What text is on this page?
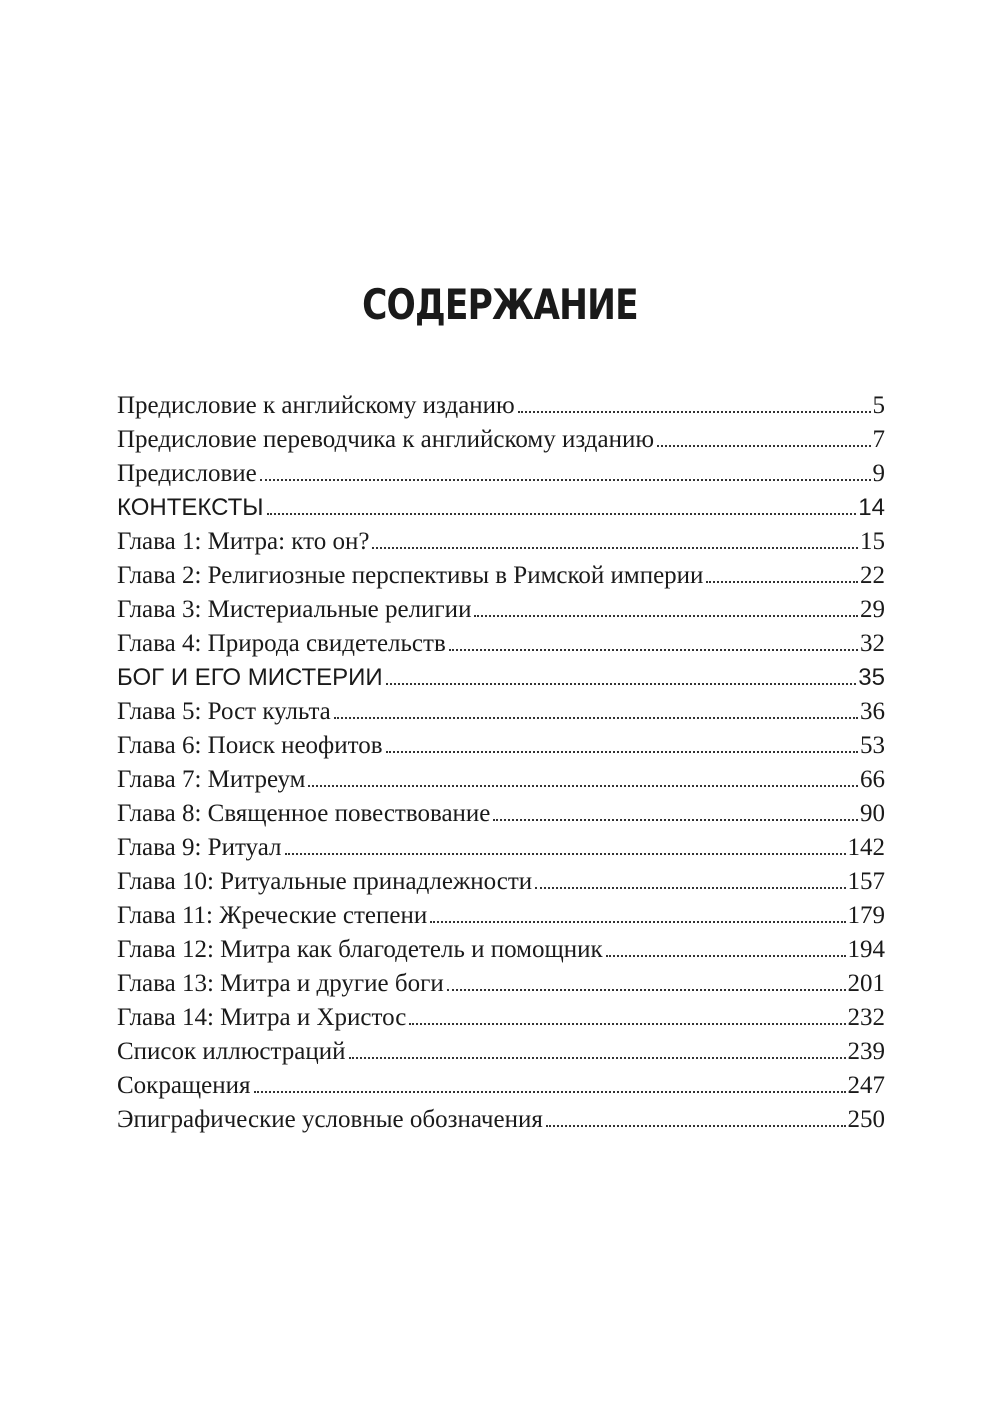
СОДЕРЖАНИЕ
Предисловие к английскому изданию	5
Предисловие переводчика к английскому изданию	7
Предисловие	9
КОНТЕКСТЫ	14
Глава 1: Митра: кто он?	15
Глава 2: Религиозные перспективы в Римской империи	22
Глава 3: Мистериальные религии	29
Глава 4: Природа свидетельств	32
БОГ И ЕГО МИСТЕРИИ	35
Глава 5: Рост культа	36
Глава 6: Поиск неофитов	53
Глава 7: Митреум	66
Глава 8: Священное повествование	90
Глава 9: Ритуал	142
Глава 10: Ритуальные принадлежности	157
Глава 11: Жреческие степени	179
Глава 12: Митра как благодетель и помощник	194
Глава 13: Митра и другие боги	201
Глава 14: Митра и Христос	232
Список иллюстраций	239
Сокращения	247
Эпиграфические условные обозначения	250
